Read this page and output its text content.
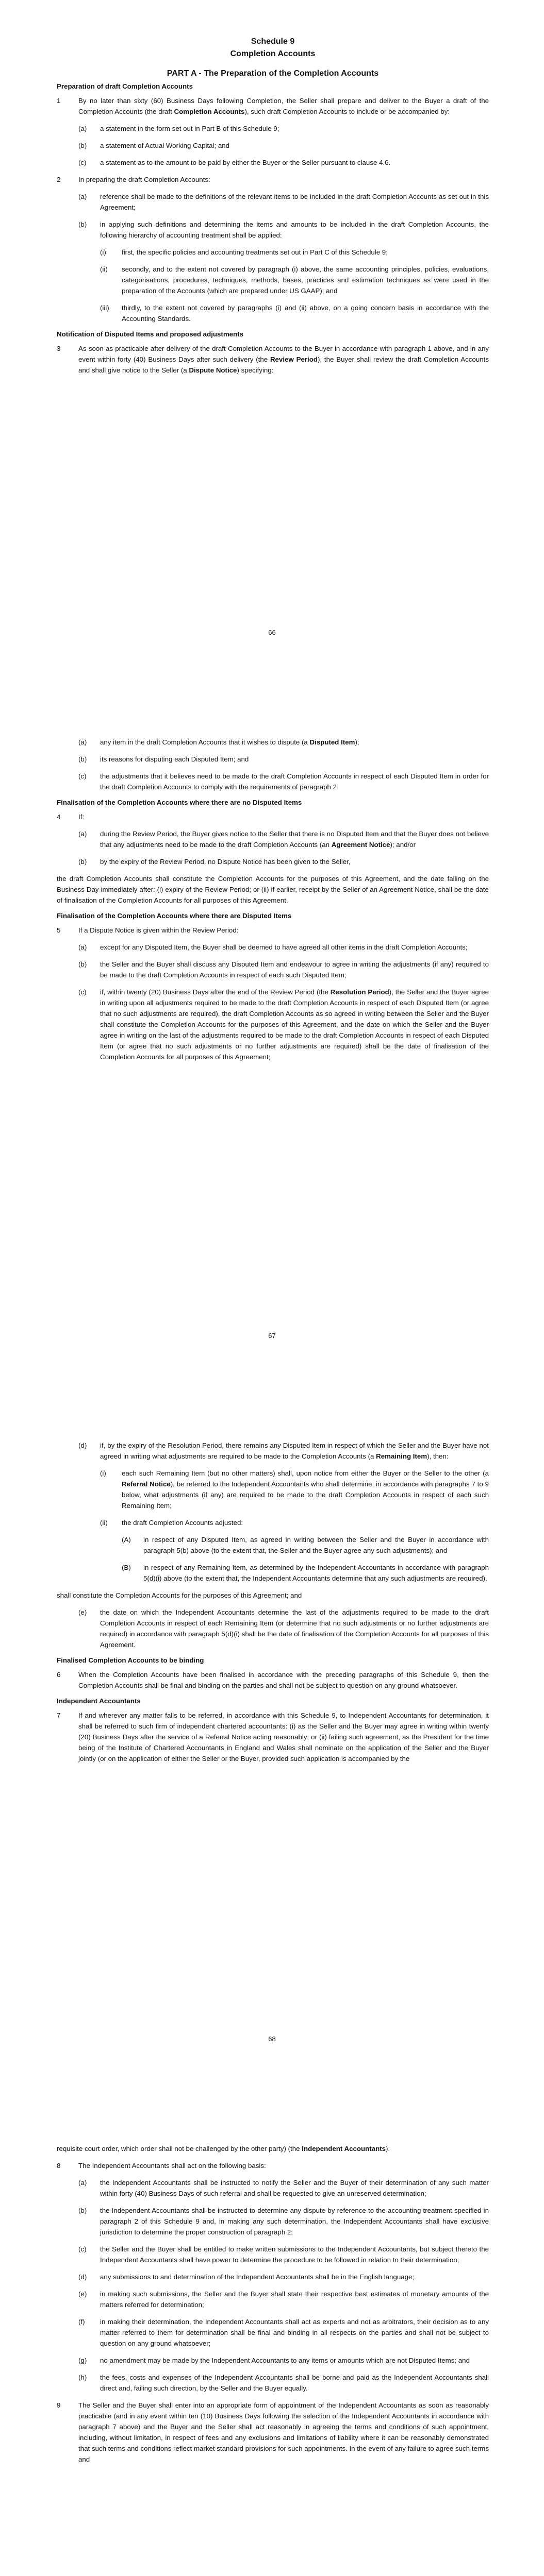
Schedule 9
Completion Accounts
PART A - The Preparation of the Completion Accounts
Preparation of draft Completion Accounts
1	By no later than sixty (60) Business Days following Completion, the Seller shall prepare and deliver to the Buyer a draft of the Completion Accounts (the draft Completion Accounts), such draft Completion Accounts to include or be accompanied by:
(a)	a statement in the form set out in Part B of this Schedule 9;
(b)	a statement of Actual Working Capital; and
(c)	a statement as to the amount to be paid by either the Buyer or the Seller pursuant to clause 4.6.
2	In preparing the draft Completion Accounts:
(a)	reference shall be made to the definitions of the relevant items to be included in the draft Completion Accounts as set out in this Agreement;
(b)	in applying such definitions and determining the items and amounts to be included in the draft Completion Accounts, the following hierarchy of accounting treatment shall be applied:
(i)	first, the specific policies and accounting treatments set out in Part C of this Schedule 9;
(ii)	secondly, and to the extent not covered by paragraph (i) above, the same accounting principles, policies, evaluations, categorisations, procedures, techniques, methods, bases, practices and estimation techniques as were used in the preparation of the Accounts (which are prepared under US GAAP); and
(iii)	thirdly, to the extent not covered by paragraphs (i) and (ii) above, on a going concern basis in accordance with the Accounting Standards.
Notification of Disputed Items and proposed adjustments
3	As soon as practicable after delivery of the draft Completion Accounts to the Buyer in accordance with paragraph 1 above, and in any event within forty (40) Business Days after such delivery (the Review Period), the Buyer shall review the draft Completion Accounts and shall give notice to the Seller (a Dispute Notice) specifying:
66
(a)	any item in the draft Completion Accounts that it wishes to dispute (a Disputed Item);
(b)	its reasons for disputing each Disputed Item; and
(c)	the adjustments that it believes need to be made to the draft Completion Accounts in respect of each Disputed Item in order for the draft Completion Accounts to comply with the requirements of paragraph 2.
Finalisation of the Completion Accounts where there are no Disputed Items
4	If:
(a)	during the Review Period, the Buyer gives notice to the Seller that there is no Disputed Item and that the Buyer does not believe that any adjustments need to be made to the draft Completion Accounts (an Agreement Notice); and/or
(b)	by the expiry of the Review Period, no Dispute Notice has been given to the Seller,
the draft Completion Accounts shall constitute the Completion Accounts for the purposes of this Agreement, and the date falling on the Business Day immediately after: (i) expiry of the Review Period; or (ii) if earlier, receipt by the Seller of an Agreement Notice, shall be the date of finalisation of the Completion Accounts for all purposes of this Agreement.
Finalisation of the Completion Accounts where there are Disputed Items
5	If a Dispute Notice is given within the Review Period:
(a)	except for any Disputed Item, the Buyer shall be deemed to have agreed all other items in the draft Completion Accounts;
(b)	the Seller and the Buyer shall discuss any Disputed Item and endeavour to agree in writing the adjustments (if any) required to be made to the draft Completion Accounts in respect of each such Disputed Item;
(c)	if, within twenty (20) Business Days after the end of the Review Period (the Resolution Period), the Seller and the Buyer agree in writing upon all adjustments required to be made to the draft Completion Accounts in respect of each Disputed Item (or agree that no such adjustments are required), the draft Completion Accounts as so agreed in writing between the Seller and the Buyer shall constitute the Completion Accounts for the purposes of this Agreement, and the date on which the Seller and the Buyer agree in writing on the last of the adjustments required to be made to the draft Completion Accounts in respect of each Disputed Item (or agree that no such adjustments or no further adjustments are required) shall be the date of finalisation of the Completion Accounts for all purposes of this Agreement;
67
(d)	if, by the expiry of the Resolution Period, there remains any Disputed Item in respect of which the Seller and the Buyer have not agreed in writing what adjustments are required to be made to the Completion Accounts (a Remaining Item), then:
(i)	each such Remaining Item (but no other matters) shall, upon notice from either the Buyer or the Seller to the other (a Referral Notice), be referred to the Independent Accountants who shall determine, in accordance with paragraphs 7 to 9 below, what adjustments (if any) are required to be made to the draft Completion Accounts in respect of each such Remaining Item;
(ii)	the draft Completion Accounts adjusted:
(A)	in respect of any Disputed Item, as agreed in writing between the Seller and the Buyer in accordance with paragraph 5(b) above (to the extent that, the Seller and the Buyer agree any such adjustments); and
(B)	in respect of any Remaining Item, as determined by the Independent Accountants in accordance with paragraph 5(d)(i) above (to the extent that, the Independent Accountants determine that any such adjustments are required),
shall constitute the Completion Accounts for the purposes of this Agreement; and
(e)	the date on which the Independent Accountants determine the last of the adjustments required to be made to the draft Completion Accounts in respect of each Remaining Item (or determine that no such adjustments or no further adjustments are required) in accordance with paragraph 5(d)(i) shall be the date of finalisation of the Completion Accounts for all purposes of this Agreement.
Finalised Completion Accounts to be binding
6	When the Completion Accounts have been finalised in accordance with the preceding paragraphs of this Schedule 9, then the Completion Accounts shall be final and binding on the parties and shall not be subject to question on any ground whatsoever.
Independent Accountants
7	If and wherever any matter falls to be referred, in accordance with this Schedule 9, to Independent Accountants for determination, it shall be referred to such firm of independent chartered accountants: (i) as the Seller and the Buyer may agree in writing within twenty (20) Business Days after the service of a Referral Notice acting reasonably; or (ii) failing such agreement, as the President for the time being of the Institute of Chartered Accountants in England and Wales shall nominate on the application of the Seller and the Buyer jointly (or on the application of either the Seller or the Buyer, provided such application is accompanied by the
68
requisite court order, which order shall not be challenged by the other party) (the Independent Accountants).
8	The Independent Accountants shall act on the following basis:
(a)	the Independent Accountants shall be instructed to notify the Seller and the Buyer of their determination of any such matter within forty (40) Business Days of such referral and shall be requested to give an unreserved determination;
(b)	the Independent Accountants shall be instructed to determine any dispute by reference to the accounting treatment specified in paragraph 2 of this Schedule 9 and, in making any such determination, the Independent Accountants shall have exclusive jurisdiction to determine the proper construction of paragraph 2;
(c)	the Seller and the Buyer shall be entitled to make written submissions to the Independent Accountants, but subject thereto the Independent Accountants shall have power to determine the procedure to be followed in relation to their determination;
(d)	any submissions to and determination of the Independent Accountants shall be in the English language;
(e)	in making such submissions, the Seller and the Buyer shall state their respective best estimates of monetary amounts of the matters referred for determination;
(f)	in making their determination, the Independent Accountants shall act as experts and not as arbitrators, their decision as to any matter referred to them for determination shall be final and binding in all respects on the parties and shall not be subject to question on any ground whatsoever;
(g)	no amendment may be made by the Independent Accountants to any items or amounts which are not Disputed Items; and
(h)	the fees, costs and expenses of the Independent Accountants shall be borne and paid as the Independent Accountants shall direct and, failing such direction, by the Seller and the Buyer equally.
9	The Seller and the Buyer shall enter into an appropriate form of appointment of the Independent Accountants as soon as reasonably practicable (and in any event within ten (10) Business Days following the selection of the Independent Accountants in accordance with paragraph 7 above) and the Buyer and the Seller shall act reasonably in agreeing the terms and conditions of such appointment, including, without limitation, in respect of fees and any exclusions and limitations of liability where it can be reasonably demonstrated that such terms and conditions reflect market standard provisions for such appointments. In the event of any failure to agree such terms and
